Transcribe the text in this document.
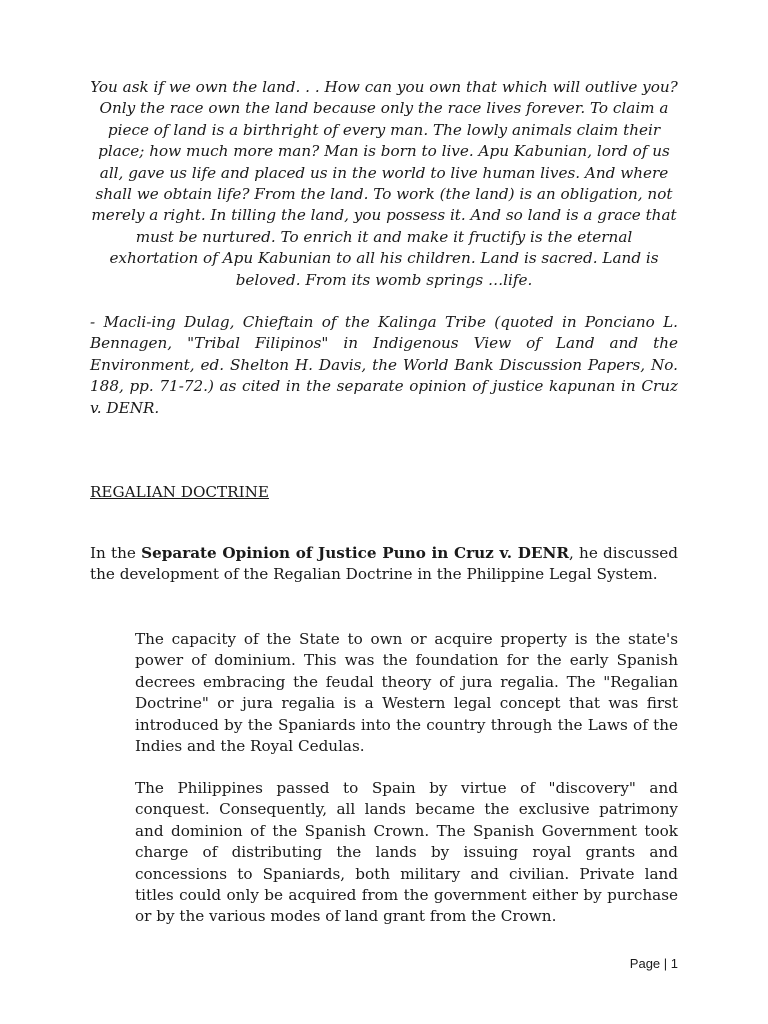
You ask if we own the land. . . How can you own that which will outlive you? Only the race own the land because only the race lives forever. To claim a piece of land is a birthright of every man. The lowly animals claim their place; how much more man? Man is born to live. Apu Kabunian, lord of us all, gave us life and placed us in the world to live human lives. And where shall we obtain life? From the land. To work (the land) is an obligation, not merely a right. In tilling the land, you possess it. And so land is a grace that must be nurtured. To enrich it and make it fructify is the eternal exhortation of Apu Kabunian to all his children. Land is sacred. Land is beloved. From its womb springs …life.

- Macli-ing Dulag, Chieftain of the Kalinga Tribe (quoted in Ponciano L. Bennagen, "Tribal Filipinos" in Indigenous View of Land and the Environment, ed. Shelton H. Davis, the World Bank Discussion Papers, No. 188, pp. 71-72.) as cited in the separate opinion of justice kapunan in Cruz v. DENR.

REGALIAN DOCTRINE

In the Separate Opinion of Justice Puno in Cruz v. DENR, he discussed the development of the Regalian Doctrine in the Philippine Legal System.

The capacity of the State to own or acquire property is the state's power of dominium. This was the foundation for the early Spanish decrees embracing the feudal theory of jura regalia. The "Regalian Doctrine" or jura regalia is a Western legal concept that was first introduced by the Spaniards into the country through the Laws of the Indies and the Royal Cedulas.

The Philippines passed to Spain by virtue of "discovery" and conquest. Consequently, all lands became the exclusive patrimony and dominion of the Spanish Crown. The Spanish Government took charge of distributing the lands by issuing royal grants and concessions to Spaniards, both military and civilian. Private land titles could only be acquired from the government either by purchase or by the various modes of land grant from the Crown.

Page | 1
